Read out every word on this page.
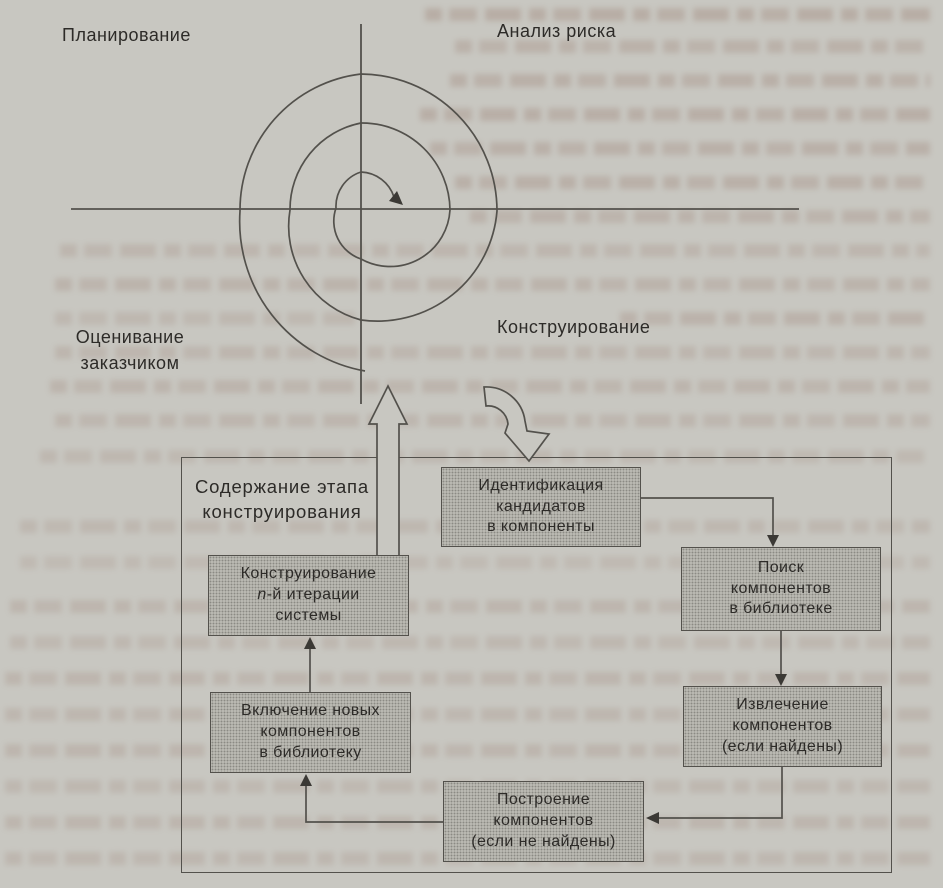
Планирование	Анализ риска
Оценивание
заказчиком
Конструирование
Содержание этапа
конструирования
Идентификация
кандидатов
в компоненты
Поиск
компонентов
в библиотеке
Извлечение
компонентов
(если найдены)
Построение
компонентов
(если не найдены)
Конструирование
n-й итерации
системы
Включение новых
компонентов
в библиотеку
